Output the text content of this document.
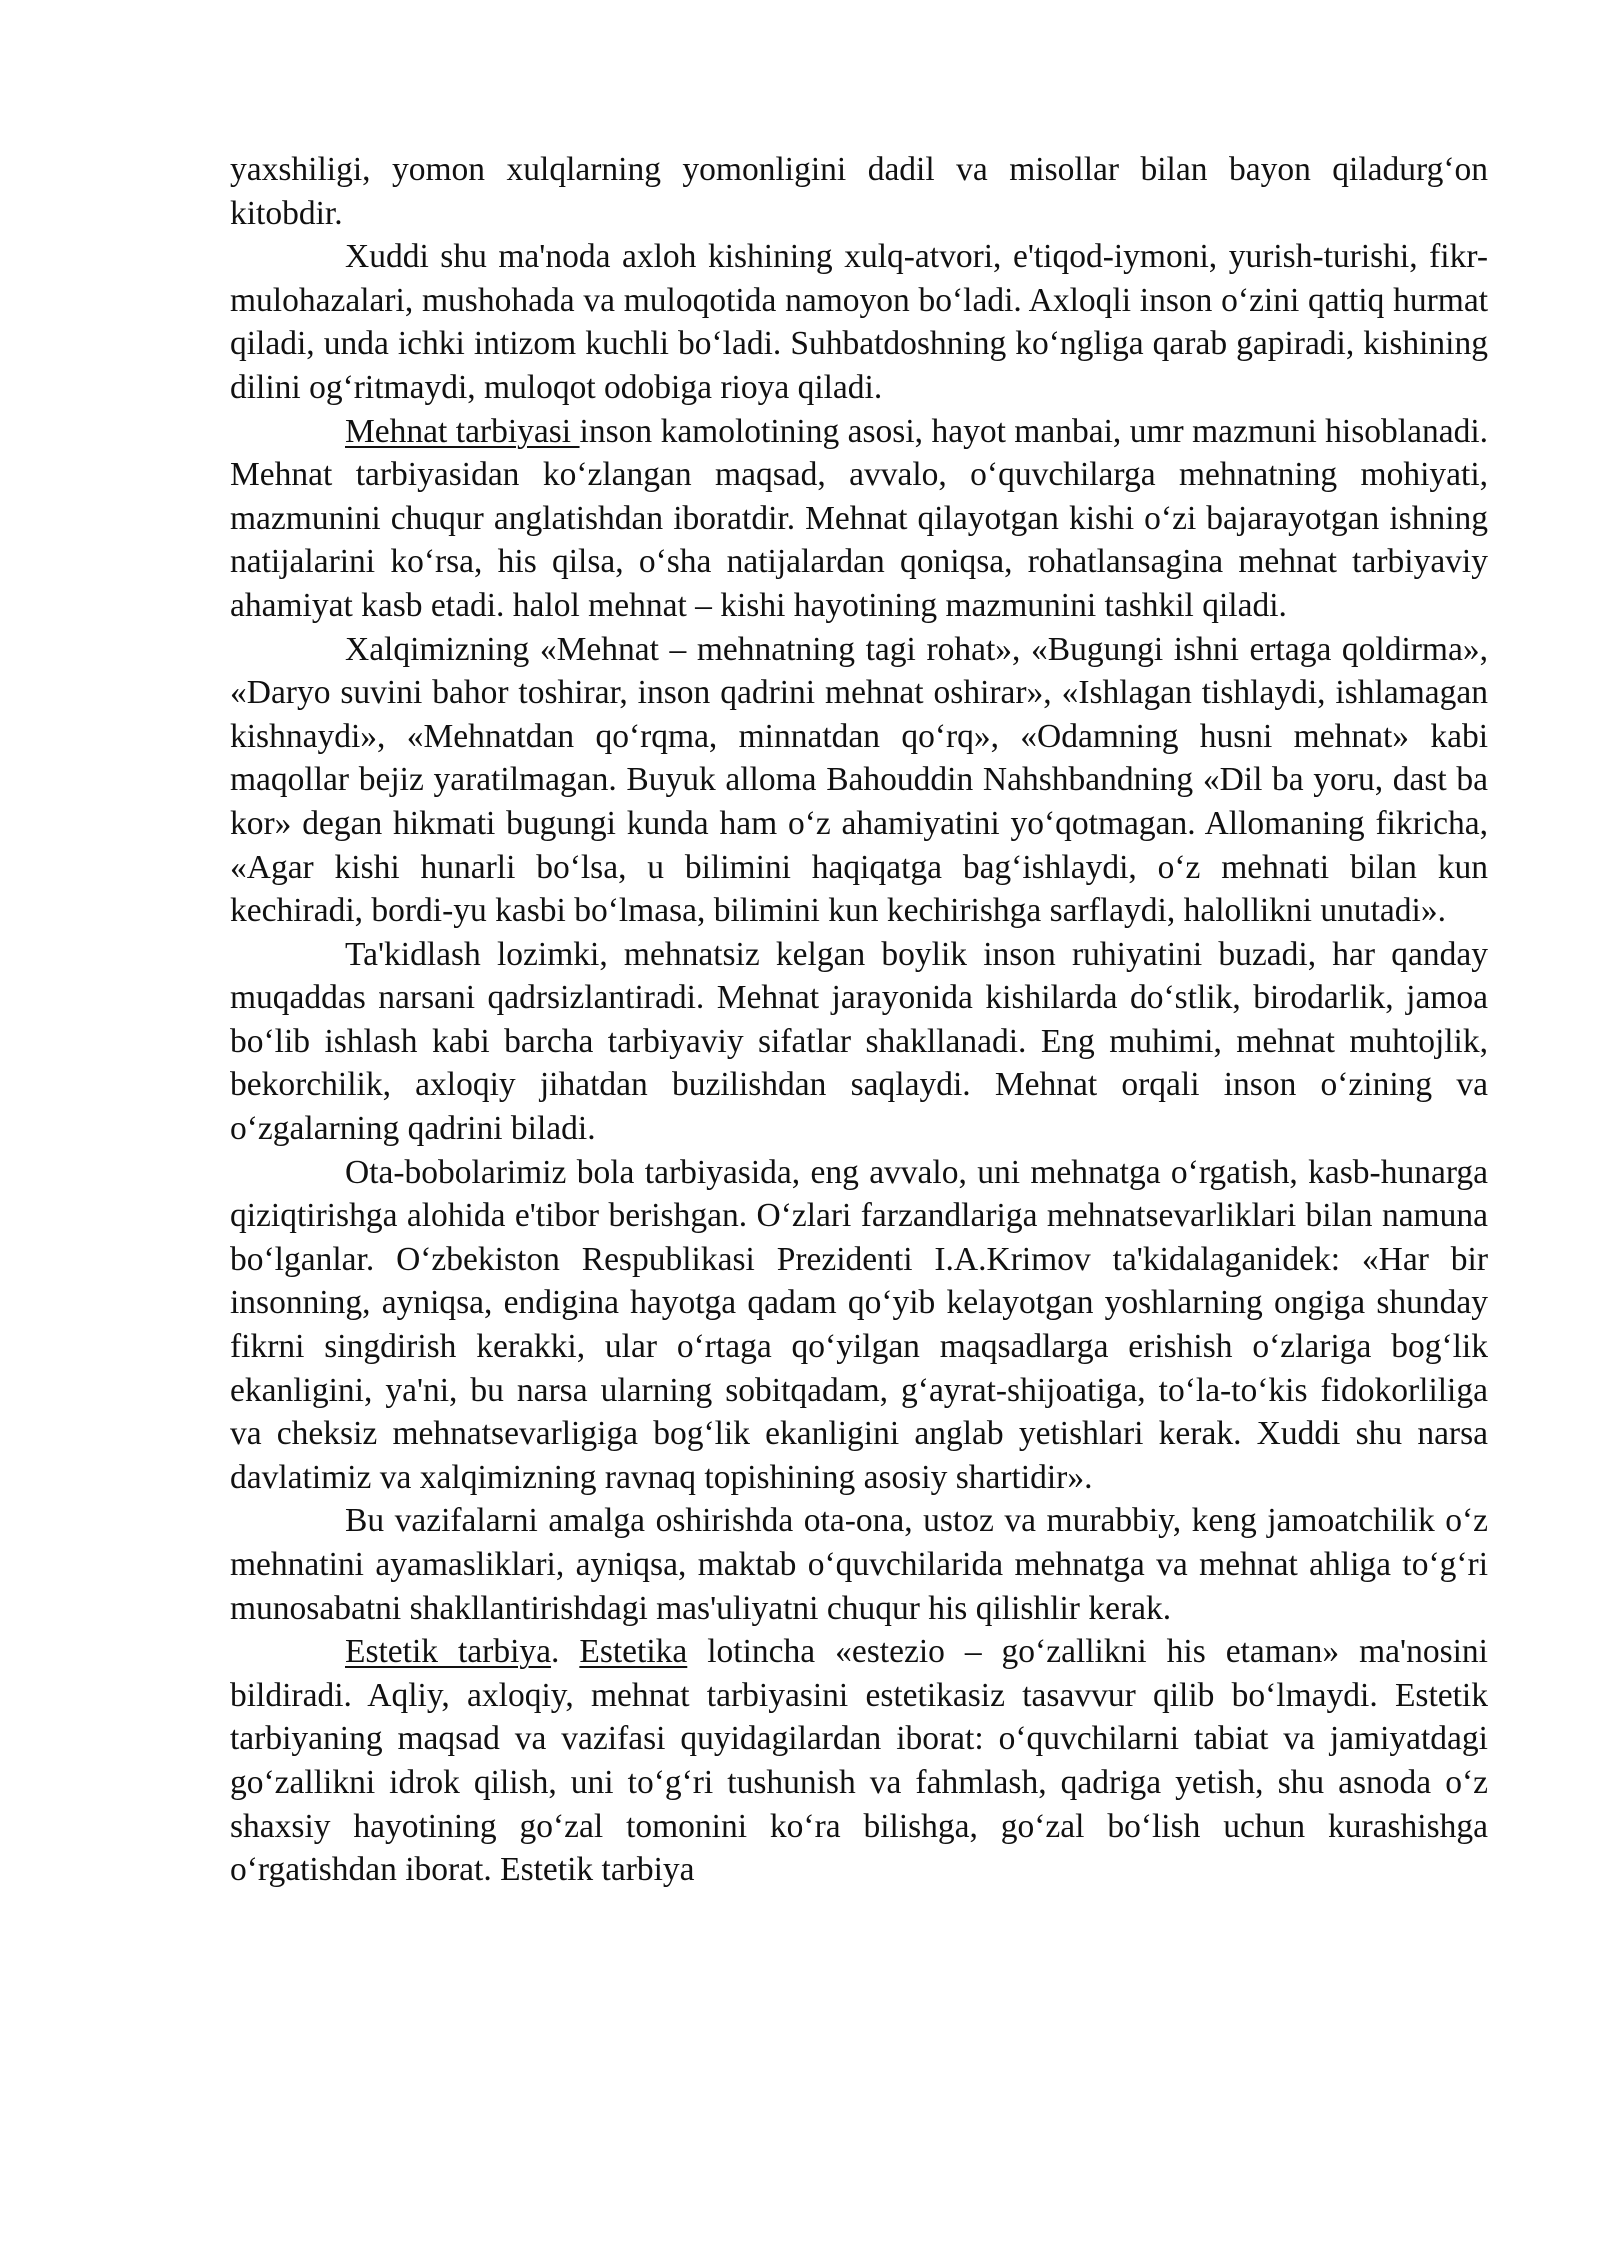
yaxshiligi, yomon xulqlarning yomonligini dadil va misollar bilan bayon qiladurg‘on kitobdir.

Xuddi shu ma'noda axloh kishining xulq-atvori, e'tiqod-iymoni, yurish-turishi, fikr-mulohazalari, mushohada va muloqotida namoyon bo‘ladi. Axloqli inson o‘zini qattiq hurmat qiladi, unda ichki intizom kuchli bo‘ladi. Suhbatdoshning ko‘ngliga qarab gapiradi, kishining dilini og‘ritmaydi, muloqot odobiga rioya qiladi.

Mehnat tarbiyasi inson kamolotining asosi, hayot manbai, umr mazmuni hisoblanadi. Mehnat tarbiyasidan ko‘zlangan maqsad, avvalo, o‘quvchilarga mehnatning mohiyati, mazmunini chuqur anglatishdan iboratdir. Mehnat qilayotgan kishi o‘zi bajarayotgan ishning natijalarini ko‘rsa, his qilsa, o‘sha natijalardan qoniqsa, rohatlansagina mehnat tarbiyaviy ahamiyat kasb etadi. halol mehnat – kishi hayotining mazmunini tashkil qiladi.

Xalqimizning «Mehnat – mehnatning tagi rohat», «Bugungi ishni ertaga qoldirma», «Daryo suvini bahor toshirar, inson qadrini mehnat oshirar», «Ishlagan tishlaydi, ishlamagan kishnaydi», «Mehnatdan qo‘rqma, minnatdan qo‘rq», «Odamning husni mehnat» kabi maqollar bejiz yaratilmagan. Buyuk alloma Bahouddin Nahshbandning «Dil ba yoru, dast ba kor» degan hikmati bugungi kunda ham o‘z ahamiyatini yo‘qotmagan. Allomaning fikricha, «Agar kishi hunarli bo‘lsa, u bilimini haqiqatga bag‘ishlaydi, o‘z mehnati bilan kun kechiradi, bordi-yu kasbi bo‘lmasa, bilimini kun kechirishga sarflaydi, halollikni unutadi».

Ta'kidlash lozimki, mehnatsiz kelgan boylik inson ruhiyatini buzadi, har qanday muqaddas narsani qadrsizlantiradi. Mehnat jarayonida kishilarda do‘stlik, birodarlik, jamoa bo‘lib ishlash kabi barcha tarbiyaviy sifatlar shakllanadi. Eng muhimi, mehnat muhtojlik, bekorchilik, axloqiy jihatdan buzilishdan saqlaydi. Mehnat orqali inson o‘zining va o‘zgalarning qadrini biladi.

Ota-bobolarimiz bola tarbiyasida, eng avvalo, uni mehnatga o‘rgatish, kasb-hunarga qiziqtirishga alohida e'tibor berishgan. O‘zlari farzandlariga mehnatsevarliklari bilan namuna bo‘lganlar. O‘zbekiston Respublikasi Prezidenti I.A.Krimov ta'kidalaganidek: «Har bir insonning, ayniqsa, endigina hayotga qadam qo‘yib kelayotgan yoshlarning ongiga shunday fikrni singdirish kerakki, ular o‘rtaga qo‘yilgan maqsadlarga erishish o‘zlariga bog‘lik ekanligini, ya'ni, bu narsa ularning sobitqadam, g‘ayrat-shijoatiga, to‘la-to‘kis fidokorliliga va cheksiz mehnatsevarligiga bog‘lik ekanligini anglab yetishlari kerak. Xuddi shu narsa davlatimiz va xalqimizning ravnaq topishining asosiy shartidir».

Bu vazifalarni amalga oshirishda ota-ona, ustoz va murabbiy, keng jamoatchilik o‘z mehnatini ayamasliklari, ayniqsa, maktab o‘quvchilarida mehnatga va mehnat ahliga to‘g‘ri munosabatni shakllantirishdagi mas'uliyatni chuqur his qilishlir kerak.

Estetik tarbiya. Estetika lotincha «estezio – go‘zallikni his etaman» ma'nosini bildiradi. Aqliy, axloqiy, mehnat tarbiyasini estetikasiz tasavvur qilib bo‘lmaydi. Estetik tarbiyaning maqsad va vazifasi quyidagilardan iborat: o‘quvchilarni tabiat va jamiyatdagi go‘zallikni idrok qilish, uni to‘g‘ri tushunish va fahmlash, qadriga yetish, shu asnoda o‘z shaxsiy hayotining go‘zal tomonini ko‘ra bilishga, go‘zal bo‘lish uchun kurashishga o‘rgatishdan iborat. Estetik tarbiya
